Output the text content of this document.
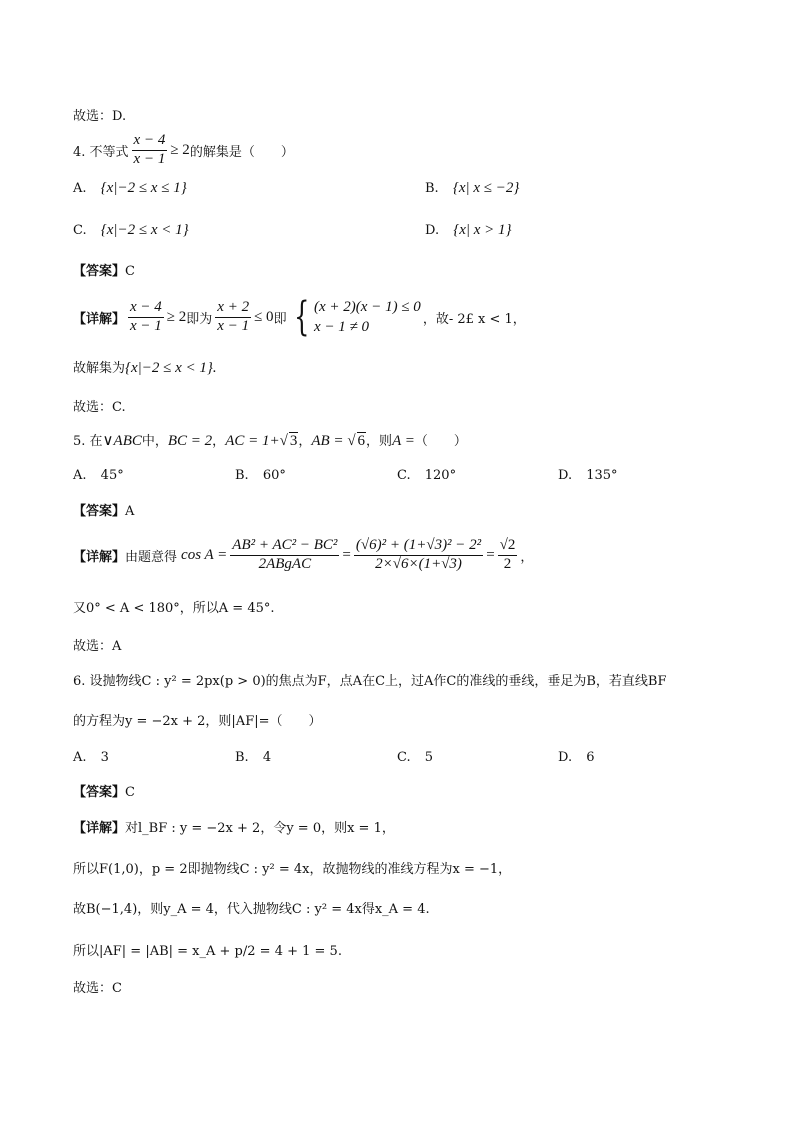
故选：D.
4. 不等式 $\frac{x - 4}{x - 1} \ge 2$ 的解集是（　　）
A. {x|−2 ≤ x ≤ 1}	B. {x| x ≤ −2}
C. {x|−2 ≤ x < 1}	D. {x| x > 1}
【答案】C
【详解】 $\frac{x - 4}{x - 1} \ge 2$ 即为 $\frac{x + 2}{x - 1} \le 0$ 即 { (x + 2)(x − 1) ≤ 0
x − 1 ≠ 0	，故- 2£ x < 1，
故解集为{x|−2 ≤ x < 1}.
故选：C.
5. 在∨ABC中，BC = 2，AC = 1+√ 3，AB = √ 6，则A =（　　）
A. 45°	B. 60°	C. 120°	D. 135°
【答案】A
【详解】 由题意得 $\cos A = \frac{\text{AB² + AC² − BC²}}{\text{2ABgAC}} = \frac{\text{(√6)² + (1+√3)² − 2²}}{2\times√6\times(1+√3)} = \frac{√2}{2}$ ，
又0° < A < 180°，所以A = 45°.
故选：A
6. 设抛物线C : y² = 2px(p > 0)的焦点为F，点A在C上，过A作C的准线的垂线，垂足为B，若直线BF
的方程为y = −2x + 2，则|AF|=（　　）
A. 3	B. 4	C. 5	D. 6
【答案】C
【详解】对l_BF : y = −2x + 2，令y = 0，则x = 1，
所以F(1,0)，p = 2即抛物线C : y² = 4x，故抛物线的准线方程为x = −1，
故B(−1,4)，则y_A = 4，代入抛物线C : y² = 4x得x_A = 4.
所以|AF| = |AB| = x_A + p/2 = 4 + 1 = 5.
故选：C
